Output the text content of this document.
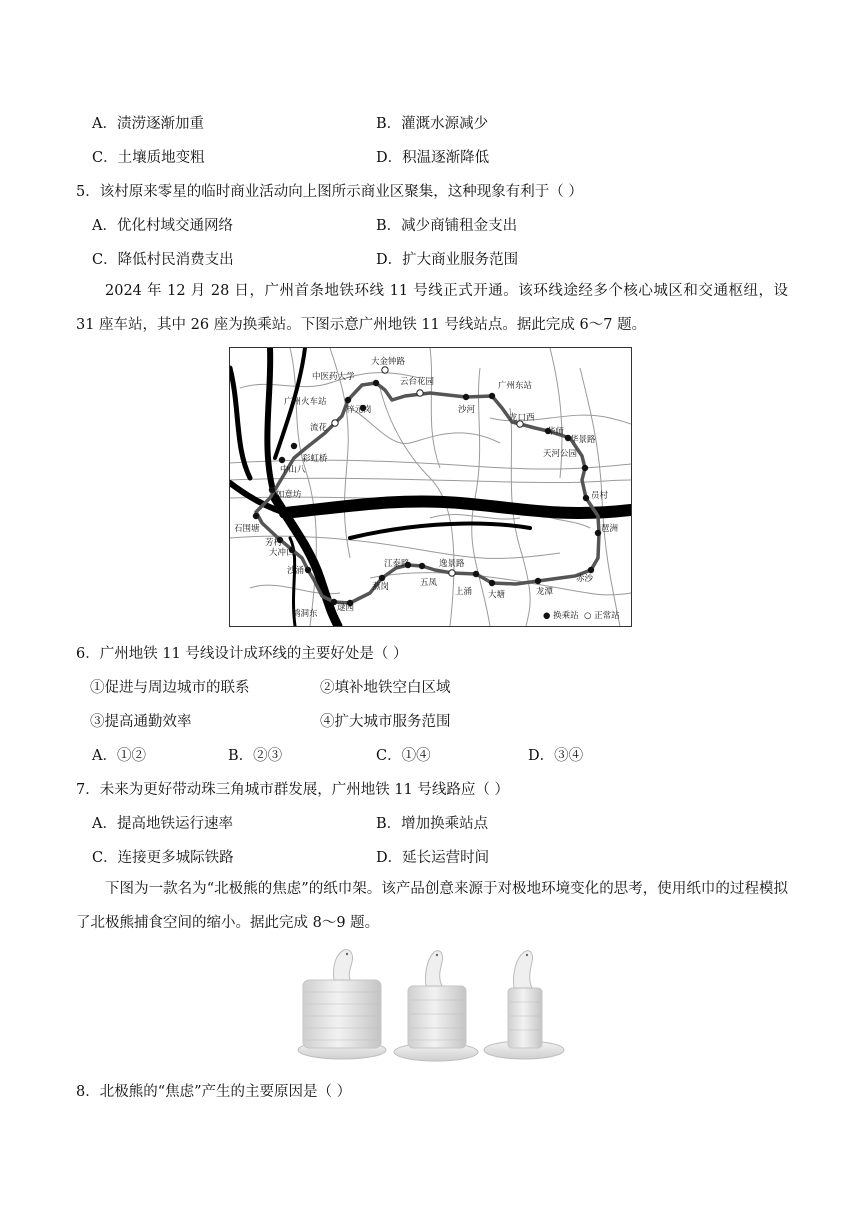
A．渍涝逐渐加重	B．灌溉水源减少
C．土壤质地变粗	D．积温逐渐降低
5．该村原来零星的临时商业活动向上图所示商业区聚集，这种现象有利于（ ）
A．优化村域交通网络	B．减少商铺租金支出
C．降低村民消费支出	D．扩大商业服务范围
2024 年 12 月 28 日，广州首条地铁环线 11 号线正式开通。该环线途经多个核心城区和交通枢纽，设 31 座车站，其中 26 座为换乘站。下图示意广州地铁 11 号线站点。据此完成 6～7 题。
大金钟路
中医药大学	云台花园	广州东站
广州火车站
梓元岗	沙河
龙口西
流花	华师
华景路
彩虹桥
中山八
天河公园
如意坊	员村
石围塘	琶洲
芳村
大冲口
沙涌
江泰路	逸景路
赤沙
燕岗	五凤
龙潭
上涌 大塘
鹤洞东
逯园
● 换乘站 ○ 正常站
6．广州地铁 11 号线设计成环线的主要好处是（ ）
①促进与周边城市的联系	②填补地铁空白区域
③提高通勤效率	④扩大城市服务范围
A．①②	B．②③	C．①④	D．③④
7．未来为更好带动珠三角城市群发展，广州地铁 11 号线路应（ ）
A．提高地铁运行速率	B．增加换乘站点
C．连接更多城际铁路	D．延长运营时间
下图为一款名为“北极熊的焦虑”的纸巾架。该产品创意来源于对极地环境变化的思考，使用纸巾的过程模拟了北极熊捕食空间的缩小。据此完成 8～9 题。
8．北极熊的“焦虑”产生的主要原因是（ ）
